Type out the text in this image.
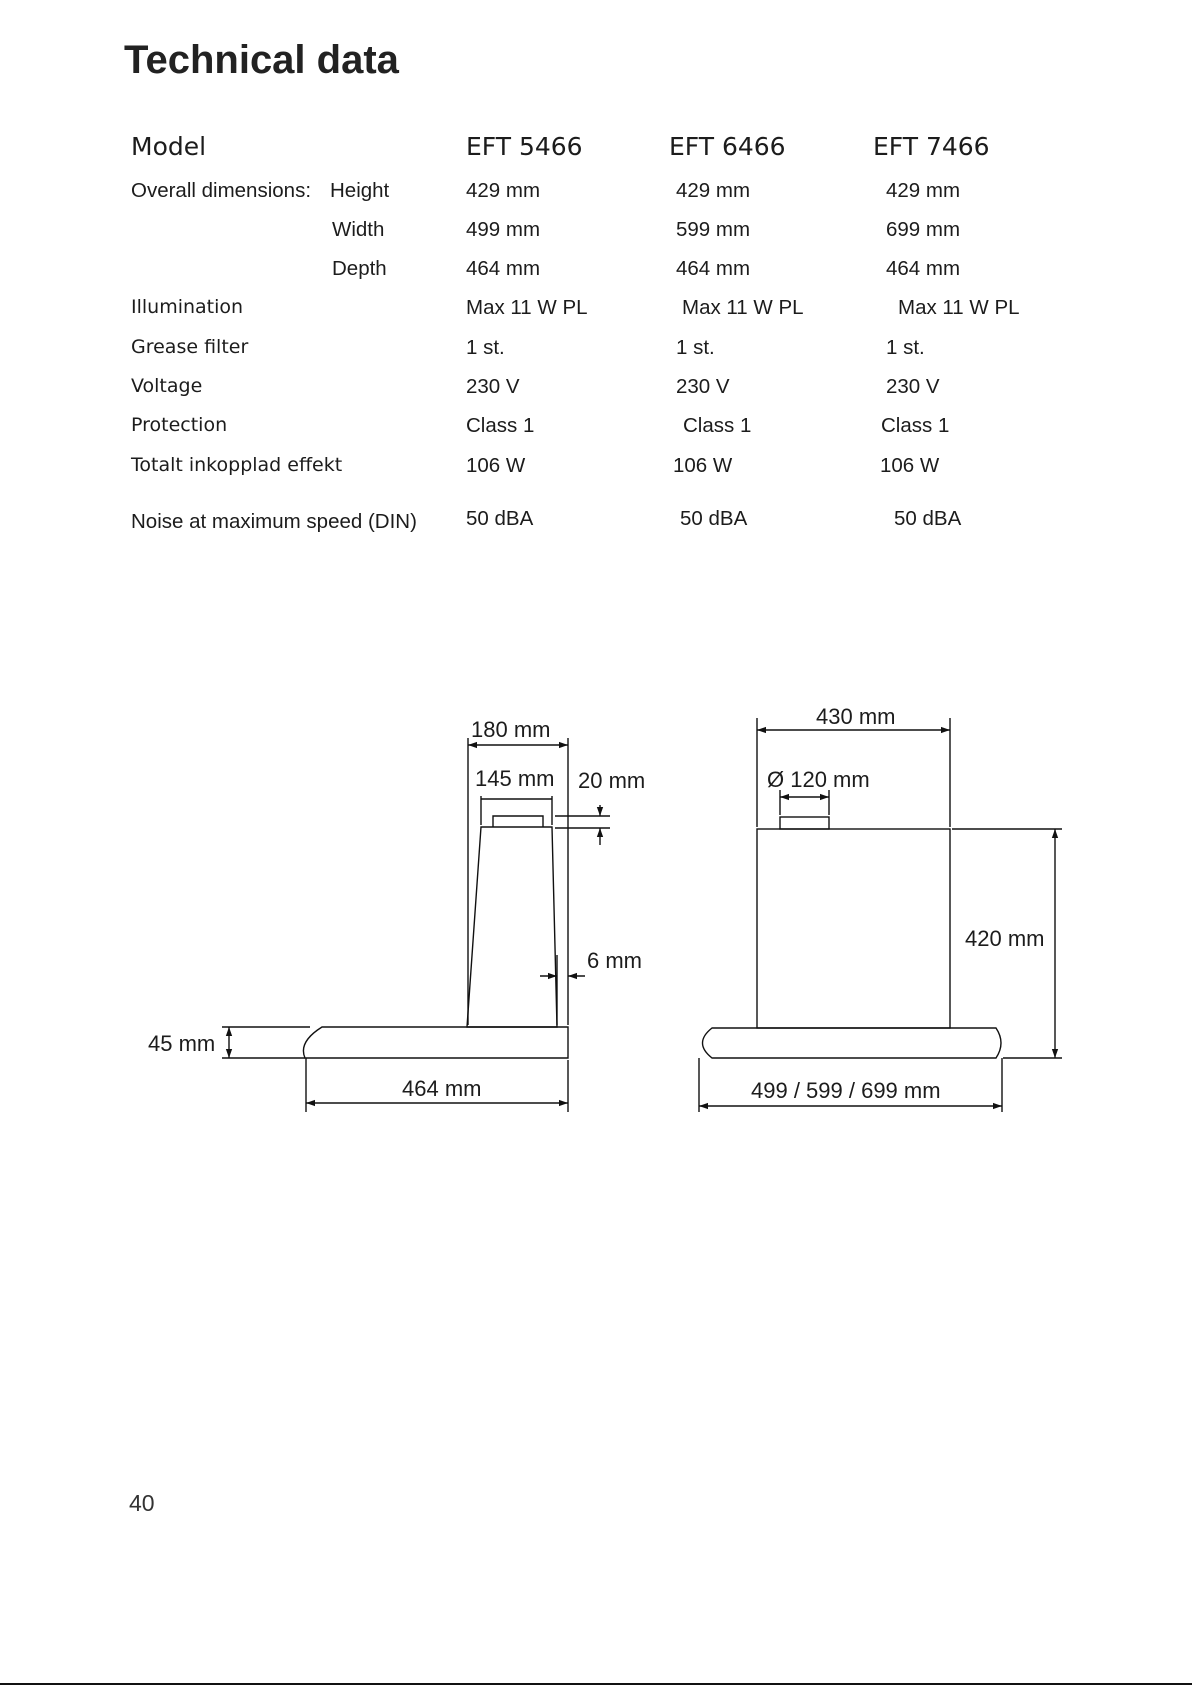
Technical data
Model	EFT 5466	EFT 6466	EFT 7466
Overall dimensions: Height	429 mm	429 mm	429 mm
Width	499 mm	599 mm	699 mm
Depth	464 mm	464 mm	464 mm
Illumination	Max 11 W PL	Max 11 W PL	Max 11 W PL
Grease filter	1 st.	1 st.	1 st.
Voltage	230 V	230 V	230 V
Protection	Class 1	Class 1	Class 1
Totalt inkopplad effekt	106 W	106 W	106 W
Noise at maximum speed (DIN) 50 dBA	50 dBA	50 dBA
180 mm
145 mm 20 mm
6 mm
45 mm
464 mm
430 mm
Ø 120 mm
420 mm
499 / 599 / 699 mm
40
